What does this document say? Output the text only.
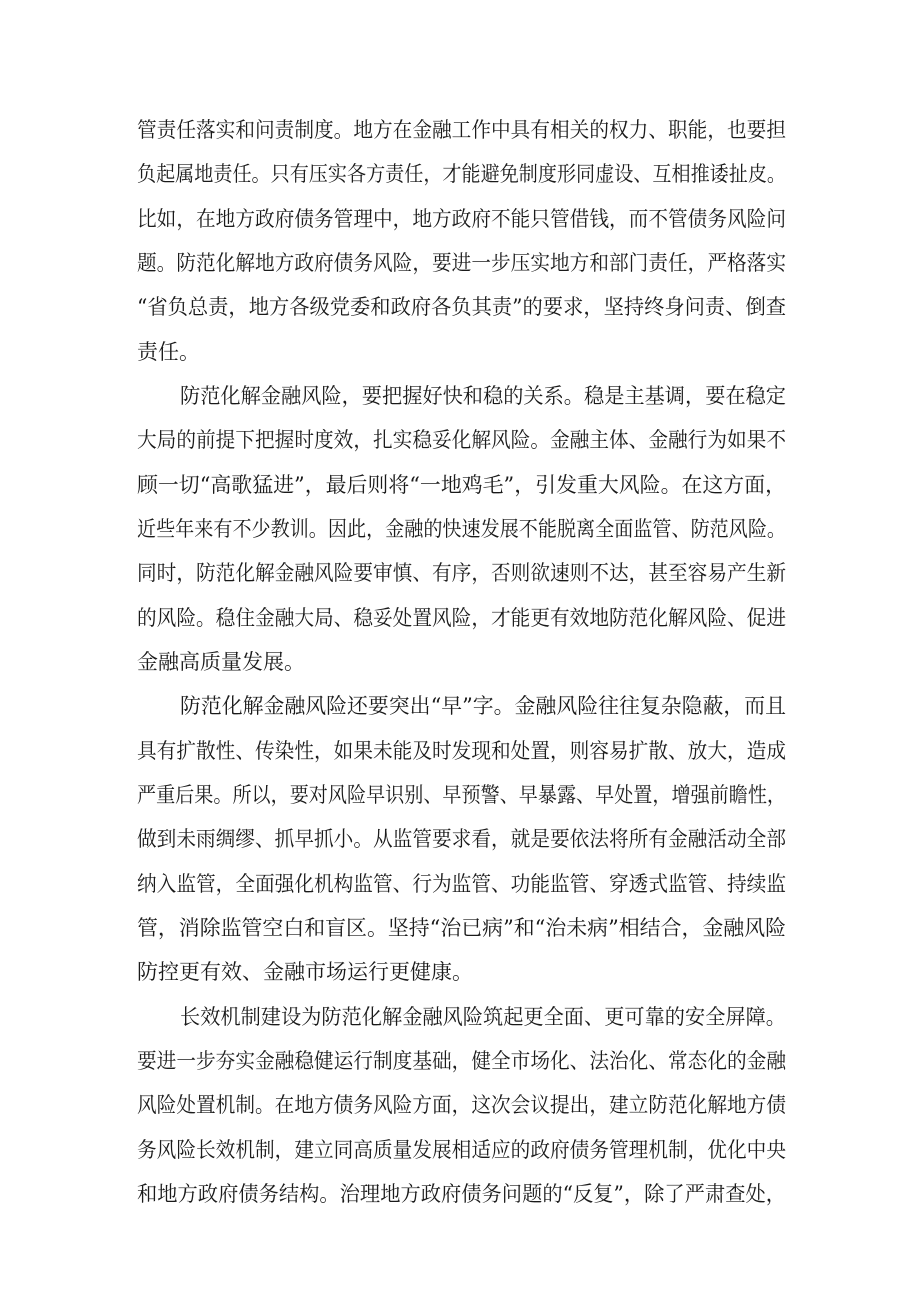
管责任落实和问责制度。地方在金融工作中具有相关的权力、职能，也要担
负起属地责任。只有压实各方责任，才能避免制度形同虚设、互相推诿扯皮。
比如，在地方政府债务管理中，地方政府不能只管借钱，而不管债务风险问
题。防范化解地方政府债务风险，要进一步压实地方和部门责任，严格落实
“省负总责，地方各级党委和政府各负其责”的要求，坚持终身问责、倒查
责任。
防范化解金融风险，要把握好快和稳的关系。稳是主基调，要在稳定
大局的前提下把握时度效，扎实稳妥化解风险。金融主体、金融行为如果不
顾一切“高歌猛进”，最后则将“一地鸡毛”，引发重大风险。在这方面，
近些年来有不少教训。因此，金融的快速发展不能脱离全面监管、防范风险。
同时，防范化解金融风险要审慎、有序，否则欲速则不达，甚至容易产生新
的风险。稳住金融大局、稳妥处置风险，才能更有效地防范化解风险、促进
金融高质量发展。
防范化解金融风险还要突出“早”字。金融风险往往复杂隐蔽，而且
具有扩散性、传染性，如果未能及时发现和处置，则容易扩散、放大，造成
严重后果。所以，要对风险早识别、早预警、早暴露、早处置，增强前瞻性，
做到未雨绸缪、抓早抓小。从监管要求看，就是要依法将所有金融活动全部
纳入监管，全面强化机构监管、行为监管、功能监管、穿透式监管、持续监
管，消除监管空白和盲区。坚持“治已病”和“治未病”相结合，金融风险
防控更有效、金融市场运行更健康。
长效机制建设为防范化解金融风险筑起更全面、更可靠的安全屏障。
要进一步夯实金融稳健运行制度基础，健全市场化、法治化、常态化的金融
风险处置机制。在地方债务风险方面，这次会议提出，建立防范化解地方债
务风险长效机制，建立同高质量发展相适应的政府债务管理机制，优化中央
和地方政府债务结构。治理地方政府债务问题的“反复”，除了严肃查处，
